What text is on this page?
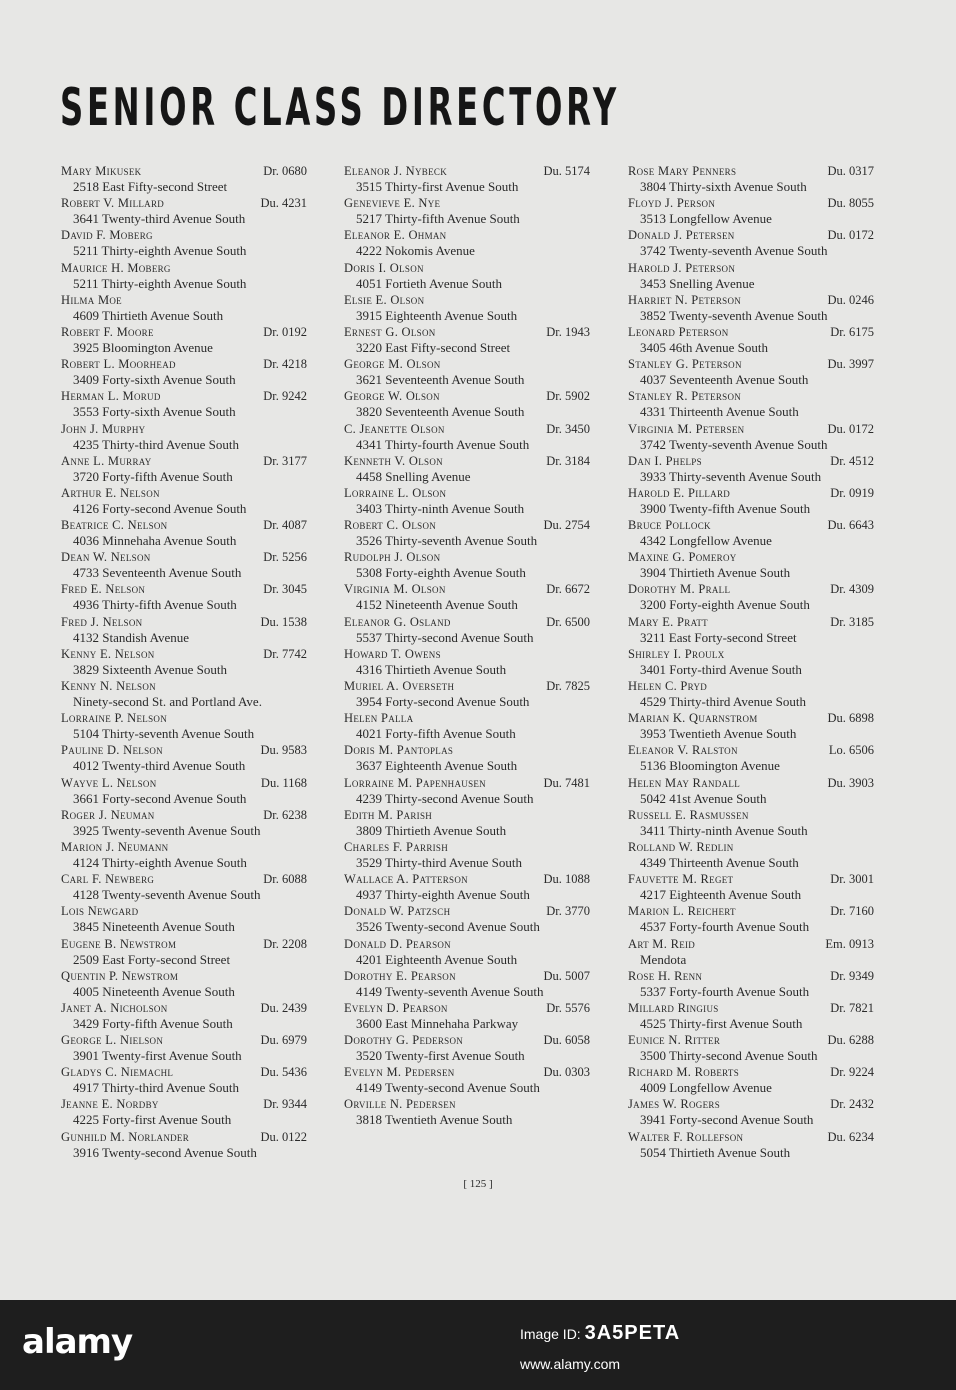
SENIOR CLASS DIRECTORY
Mary Mikusek	Dr. 0680
2518 East Fifty-second Street
Robert V. Millard	Du. 4231
3641 Twenty-third Avenue South
David F. Moberg
5211 Thirty-eighth Avenue South
Maurice H. Moberg
5211 Thirty-eighth Avenue South
Hilma Moe
4609 Thirtieth Avenue South
Robert F. Moore	Dr. 0192
3925 Bloomington Avenue
Robert L. Moorhead	Dr. 4218
3409 Forty-sixth Avenue South
Herman L. Morud	Dr. 9242
3553 Forty-sixth Avenue South
John J. Murphy
4235 Thirty-third Avenue South
Anne L. Murray	Dr. 3177
3720 Forty-fifth Avenue South
Arthur E. Nelson
4126 Forty-second Avenue South
Beatrice C. Nelson	Dr. 4087
4036 Minnehaha Avenue South
Dean W. Nelson	Dr. 5256
4733 Seventeenth Avenue South
Fred E. Nelson	Dr. 3045
4936 Thirty-fifth Avenue South
Fred J. Nelson	Du. 1538
4132 Standish Avenue
Kenny E. Nelson	Dr. 7742
3829 Sixteenth Avenue South
Kenny N. Nelson
Ninety-second St. and Portland Ave.
Lorraine P. Nelson
5104 Thirty-seventh Avenue South
Pauline D. Nelson	Du. 9583
4012 Twenty-third Avenue South
Wayve L. Nelson	Du. 1168
3661 Forty-second Avenue South
Roger J. Neuman	Dr. 6238
3925 Twenty-seventh Avenue South
Marion J. Neumann
4124 Thirty-eighth Avenue South
Carl F. Newberg	Dr. 6088
4128 Twenty-seventh Avenue South
Lois Newgard
3845 Nineteenth Avenue South
Eugene B. Newstrom	Dr. 2208
2509 East Forty-second Street
Quentin P. Newstrom
4005 Nineteenth Avenue South
Janet A. Nicholson	Du. 2439
3429 Forty-fifth Avenue South
George L. Nielson	Du. 6979
3901 Twenty-first Avenue South
Gladys C. Niemachl	Du. 5436
4917 Thirty-third Avenue South
Jeanne E. Nordby	Dr. 9344
4225 Forty-first Avenue South
Gunhild M. Norlander	Du. 0122
3916 Twenty-second Avenue South
Eleanor J. Nybeck	Du. 5174
3515 Thirty-first Avenue South
Genevieve E. Nye
5217 Thirty-fifth Avenue South
Eleanor E. Ohman
4222 Nokomis Avenue
Doris I. Olson
4051 Fortieth Avenue South
Elsie E. Olson
3915 Eighteenth Avenue South
Ernest G. Olson	Dr. 1943
3220 East Fifty-second Street
George M. Olson
3621 Seventeenth Avenue South
George W. Olson	Dr. 5902
3820 Seventeenth Avenue South
C. Jeanette Olson	Dr. 3450
4341 Thirty-fourth Avenue South
Kenneth V. Olson	Dr. 3184
4458 Snelling Avenue
Lorraine L. Olson
3403 Thirty-ninth Avenue South
Robert C. Olson	Du. 2754
3526 Thirty-seventh Avenue South
Rudolph J. Olson
5308 Forty-eighth Avenue South
Virginia M. Olson	Dr. 6672
4152 Nineteenth Avenue South
Eleanor G. Osland	Dr. 6500
5537 Thirty-second Avenue South
Howard T. Owens
4316 Thirtieth Avenue South
Muriel A. Overseth	Dr. 7825
3954 Forty-second Avenue South
Helen Palla
4021 Forty-fifth Avenue South
Doris M. Pantoplas
3637 Eighteenth Avenue South
Lorraine M. Papenhausen	Du. 7481
4239 Thirty-second Avenue South
Edith M. Parish
3809 Thirtieth Avenue South
Charles F. Parrish
3529 Thirty-third Avenue South
Wallace A. Patterson	Du. 1088
4937 Thirty-eighth Avenue South
Donald W. Patzsch	Dr. 3770
3526 Twenty-second Avenue South
Donald D. Pearson
4201 Eighteenth Avenue South
Dorothy E. Pearson	Du. 5007
4149 Twenty-seventh Avenue South
Evelyn D. Pearson	Dr. 5576
3600 East Minnehaha Parkway
Dorothy G. Pederson	Du. 6058
3520 Twenty-first Avenue South
Evelyn M. Pedersen	Du. 0303
4149 Twenty-second Avenue South
Orville N. Pedersen
3818 Twentieth Avenue South
Rose Mary Penners	Du. 0317
3804 Thirty-sixth Avenue South
Floyd J. Person	Du. 8055
3513 Longfellow Avenue
Donald J. Petersen	Du. 0172
3742 Twenty-seventh Avenue South
Harold J. Peterson
3453 Snelling Avenue
Harriet N. Peterson	Du. 0246
3852 Twenty-seventh Avenue South
Leonard Peterson	Dr. 6175
3405 46th Avenue South
Stanley G. Peterson	Du. 3997
4037 Seventeenth Avenue South
Stanley R. Peterson
4331 Thirteenth Avenue South
Virginia M. Petersen	Du. 0172
3742 Twenty-seventh Avenue South
Dan I. Phelps	Dr. 4512
3933 Thirty-seventh Avenue South
Harold E. Pillard	Dr. 0919
3900 Twenty-fifth Avenue South
Bruce Pollock	Du. 6643
4342 Longfellow Avenue
Maxine G. Pomeroy
3904 Thirtieth Avenue South
Dorothy M. Prall	Dr. 4309
3200 Forty-eighth Avenue South
Mary E. Pratt	Dr. 3185
3211 East Forty-second Street
Shirley I. Proulx
3401 Forty-third Avenue South
Helen C. Pryd
4529 Thirty-third Avenue South
Marian K. Quarnstrom	Du. 6898
3953 Twentieth Avenue South
Eleanor V. Ralston	Lo. 6506
5136 Bloomington Avenue
Helen May Randall	Du. 3903
5042 41st Avenue South
Russell E. Rasmussen
3411 Thirty-ninth Avenue South
Rolland W. Redlin
4349 Thirteenth Avenue South
Fauvette M. Reget	Dr. 3001
4217 Eighteenth Avenue South
Marion L. Reichert	Dr. 7160
4537 Forty-fourth Avenue South
Art M. Reid	Em. 0913
Mendota
Rose H. Renn	Dr. 9349
5337 Forty-fourth Avenue South
Millard Ringius	Dr. 7821
4525 Thirty-first Avenue South
Eunice N. Ritter	Du. 6288
3500 Thirty-second Avenue South
Richard M. Roberts	Dr. 9224
4009 Longfellow Avenue
James W. Rogers	Dr. 2432
3941 Forty-second Avenue South
Walter F. Rollefson	Du. 6234
5054 Thirtieth Avenue South
[ 125 ]
alamy	Image ID: 3A5PETA
www.alamy.com
